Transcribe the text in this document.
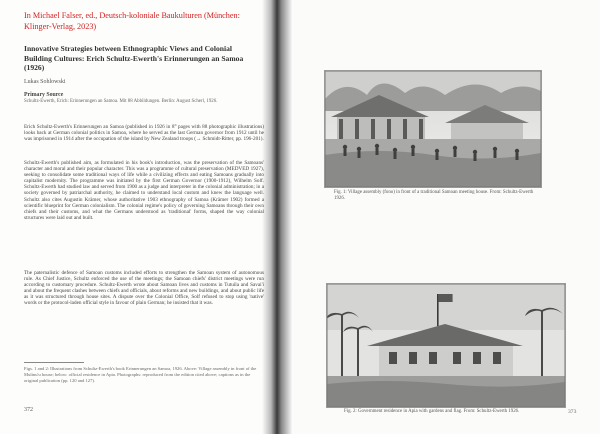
In Michael Falser, ed., Deutsch-koloniale Baukulturen (München: Klinger-Verlag, 2023)
Innovative Strategies between Ethnographic Views and Colonial Building Cultures: Erich Schultz-Ewerth's Erinnerungen an Samoa (1926)
Lukas Sohlowski
Primary Source
Schultz-Ewerth, Erich: Erinnerungen an Samoa. Mit 88 Abbildungen. Berlin: August Scherl, 1926.

Erich Schultz-Ewerth's Erinnerungen an Samoa (published in 1926 in 8° pages with 88 photographic illustrations) looks back at German colonial politics in Samoa, where he served as the last German governor from 1912 until he was imprisoned in 1914 after the occupation of the island by New Zealand troops (→ Schmidt-Ritter, pp. 196-201).

Schultz-Ewerth's published aim, as formulated in his book's introduction, was the preservation of the Samoans' character and moral and their popular character. This was a programme of cultural preservation (MEDVED 1927), seeking to consolidate some traditional ways of life while a civilizing effects and eating Samoans gradually into capitalist modernity. The programme was initiated by the first German Governor (1900-1912), Wilhelm Solf. Schultz-Ewerth had studied law and served from 1900 as a judge and interpreter in the colonial administration; in a society governed by patriarchal authority, he claimed to understand local custom and knew the language well. Schultz also cites Augustin Krämer, whose authoritative 1903 ethnography of Samoa (Krämer 1902) formed a scientific blueprint for German colonialism. The colonial regime's policy of governing Samoans through their own chiefs and their customs, and what the Germans understood as 'traditional' forms, shaped the way colonial structures were laid out and built.

The paternalistic defence of Samoan customs included efforts to strengthen the Samoan system of autonomous rule. As Chief Justice, Schultz enforced the use of the meetings; the Samoan chiefs' district meetings were run according to customary procedure. Schultz-Ewerth wrote about Samoan lives and customs in Tutuila and Savai'i and about the frequent clashes between chiefs and officials, about reforms and new buildings, and about public life as it was structured through house sites. A dispute over the Colonial Office, Solf refused to stop using 'native' words or the protocol-laden official style in favour of plain German; he insisted that it was.

Figs. 1 and 2: Illustrations from Schultz-Ewerth's book Erinnerungen an Samoa, 1926. Above: Village assembly in front of the Mulinu'u house; below: official residence in Apia. Photographs: reproduced from the edition cited above; captions as in the original publication (pp. 120 and 127).

372
Fig. 1: Village assembly (fono) in front of a traditional Samoan meeting house. From: Schultz-Ewerth 1926.
Fig. 2: Government residence in Apia with gardens and flag. From: Schultz-Ewerth 1926.	373
